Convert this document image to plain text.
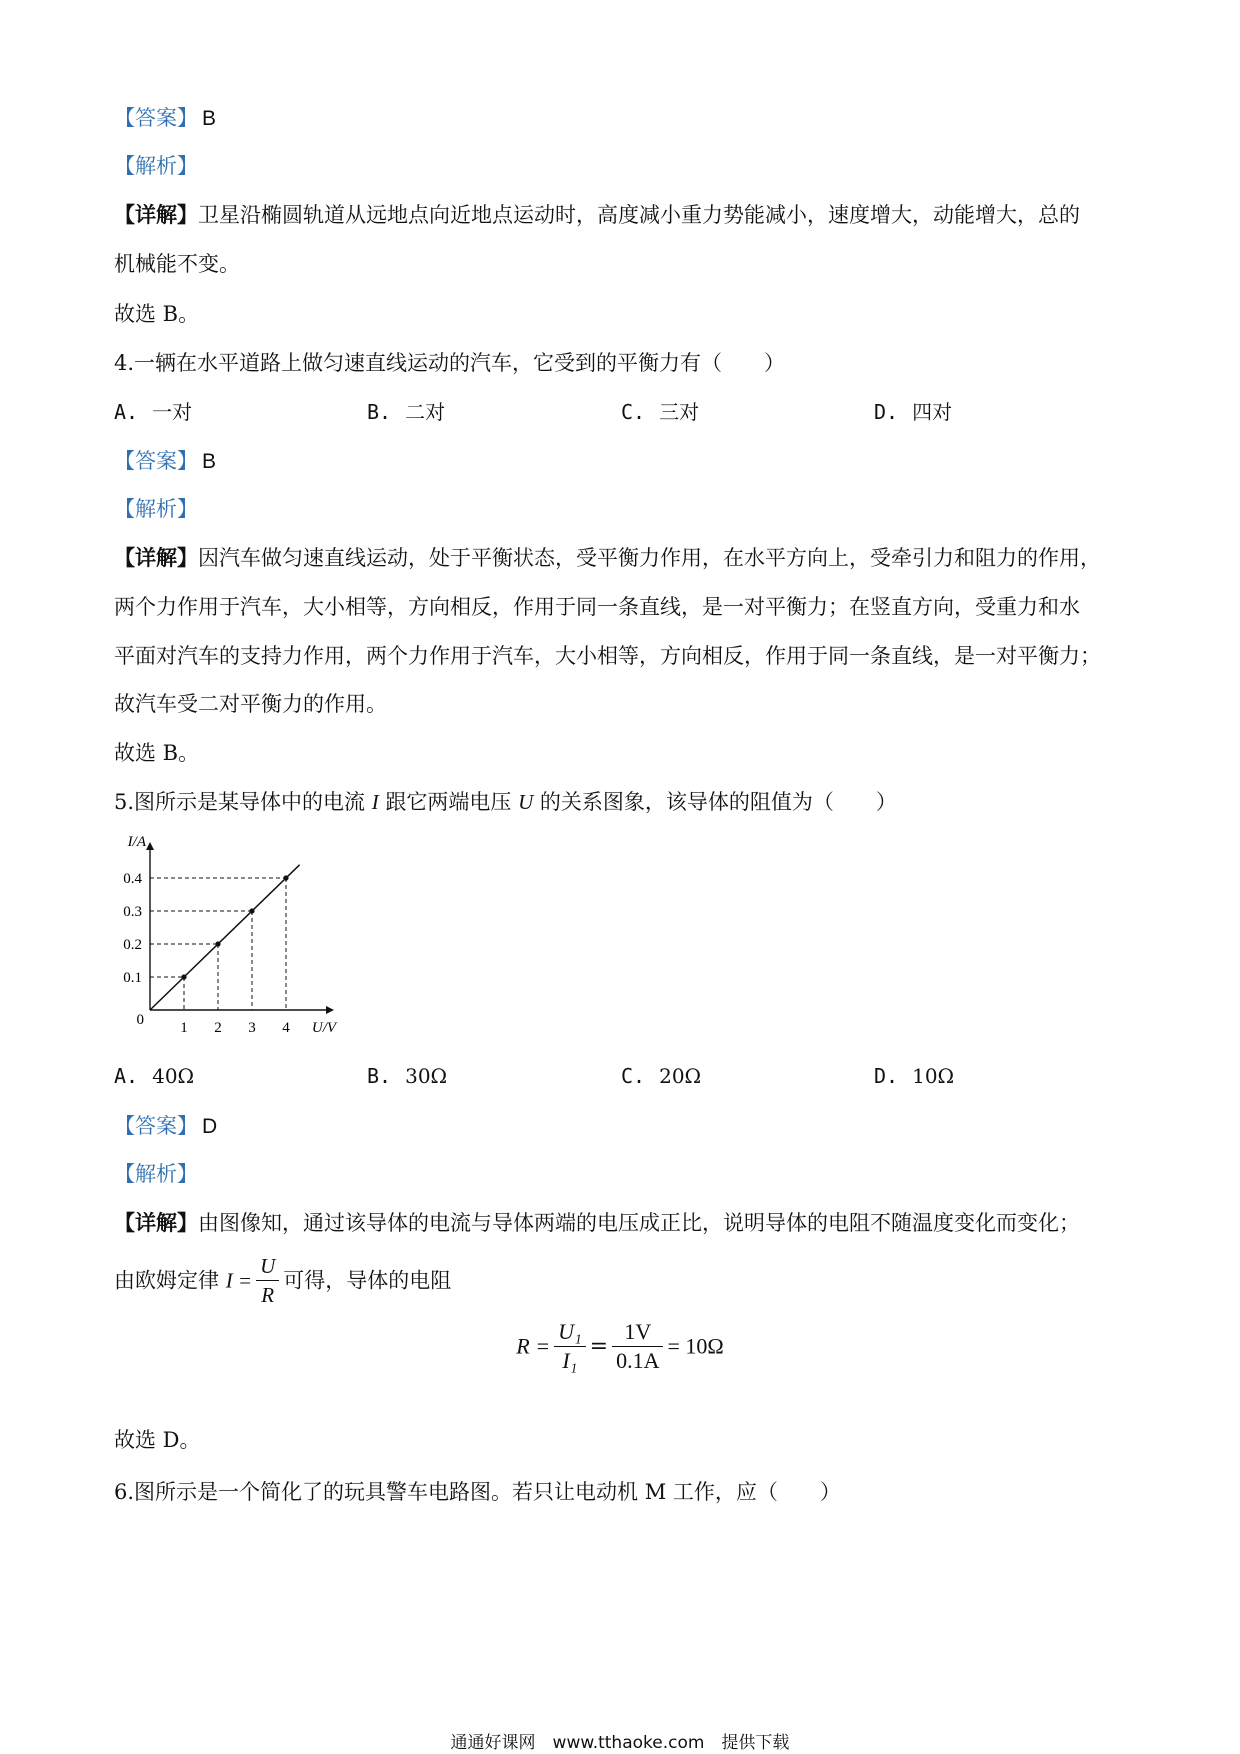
【答案】 B
【解析】
【详解】卫星沿椭圆轨道从远地点向近地点运动时，高度减小重力势能减小，速度增大，动能增大，总的
机械能不变。
故选 B。
4.一辆在水平道路上做匀速直线运动的汽车，它受到的平衡力有（　　）
A. 一对	B. 二对	C. 三对	D. 四对
【答案】 B
【解析】
【详解】因汽车做匀速直线运动，处于平衡状态，受平衡力作用，在水平方向上，受牵引力和阻力的作用，
两个力作用于汽车，大小相等，方向相反，作用于同一条直线，是一对平衡力；在竖直方向，受重力和水
平面对汽车的支持力作用，两个力作用于汽车，大小相等，方向相反，作用于同一条直线，是一对平衡力；
故汽车受二对平衡力的作用。
故选 B。
5.图所示是某导体中的电流 I 跟它两端电压 U 的关系图象，该导体的阻值为（　　）
1 2 3 4
0.1
0.2
0.3
0.4
0	U/V
I/A
A. 40Ω	B. 30Ω	C. 20Ω	D. 10Ω
【答案】 D
【解析】
【详解】由图像知，通过该导体的电流与导体两端的电压成正比，说明导体的电阻不随温度变化而变化；
由欧姆定律 $I = \frac{U}{R}$ 可得，导体的电阻
$R = \frac{\text{U₁}}{\text{I₁}} = \frac{1V}{0.1A} = 10\Omega$
故选 D。
6.图所示是一个简化了的玩具警车电路图。若只让电动机 M 工作，应（　　）
通通好课网　www.tthaoke.com　提供下载
